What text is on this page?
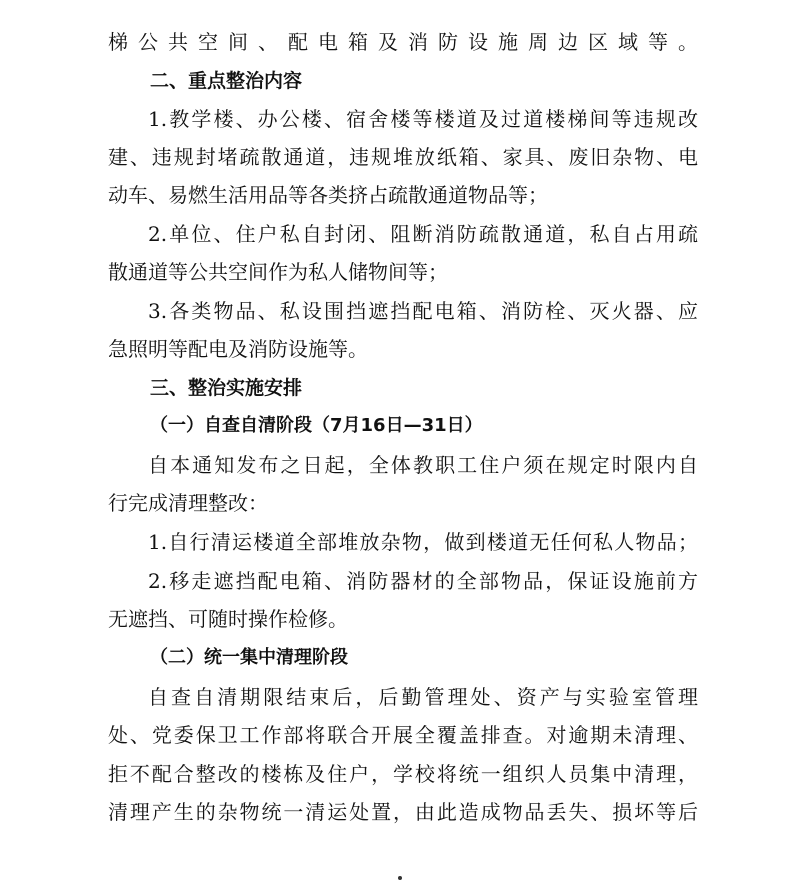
梯公共空间、配电箱及消防设施周边区域等。
二、重点整治内容
1.教学楼、办公楼、宿舍楼等楼道及过道楼梯间等违规改
建、违规封堵疏散通道，违规堆放纸箱、家具、废旧杂物、电
动车、易燃生活用品等各类挤占疏散通道物品等；
2.单位、住户私自封闭、阻断消防疏散通道，私自占用疏
散通道等公共空间作为私人储物间等；
3.各类物品、私设围挡遮挡配电箱、消防栓、灭火器、应
急照明等配电及消防设施等。
三、整治实施安排
（一）自查自清阶段（7月16日—31日）
自本通知发布之日起，全体教职工住户须在规定时限内自
行完成清理整改：
1.自行清运楼道全部堆放杂物，做到楼道无任何私人物品；
2.移走遮挡配电箱、消防器材的全部物品，保证设施前方
无遮挡、可随时操作检修。
（二）统一集中清理阶段
自查自清期限结束后，后勤管理处、资产与实验室管理
处、党委保卫工作部将联合开展全覆盖排查。对逾期未清理、
拒不配合整改的楼栋及住户，学校将统一组织人员集中清理，
清理产生的杂物统一清运处置，由此造成物品丢失、损坏等后
